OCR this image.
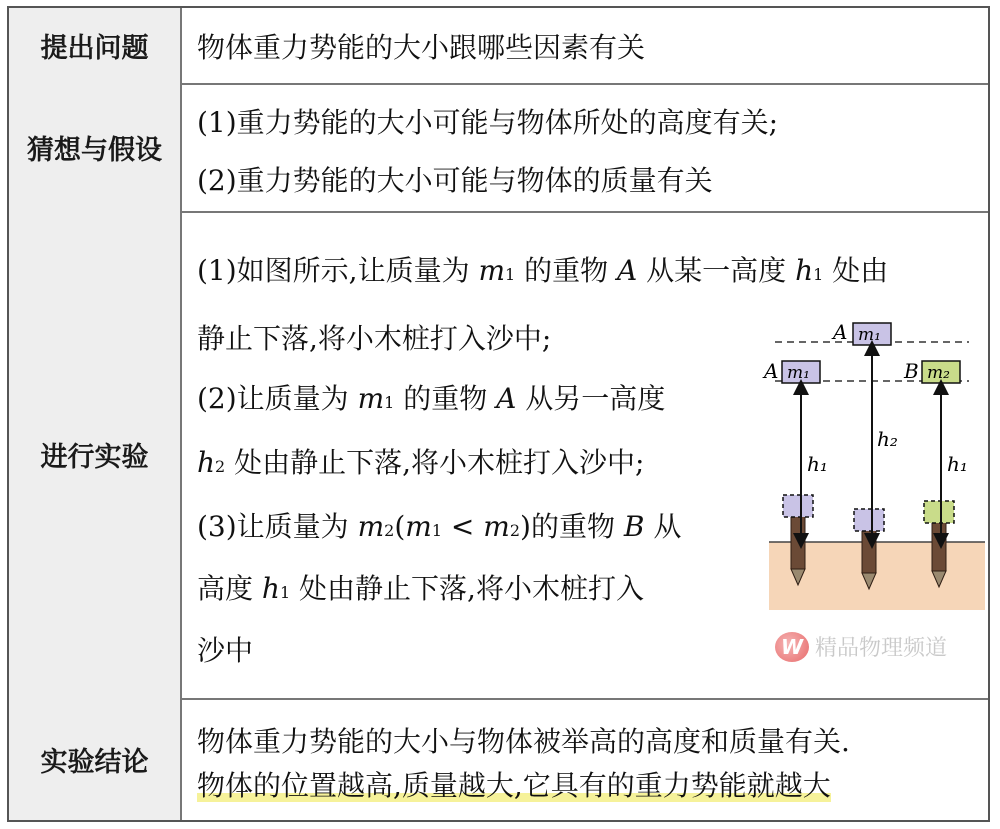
提出问题	物体重力势能的大小跟哪些因素有关
猜想与假设
(1)重力势能的大小可能与物体所处的高度有关;
(2)重力势能的大小可能与物体的质量有关
进行实验
(1)如图所示,让质量为 m1 的重物 A 从某一高度 h1 处由
静止下落,将小木桩打入沙中;
(2)让质量为 m1 的重物 A 从另一高度
h2 处由静止下落,将小木桩打入沙中;
(3)让质量为 m2(m1 < m2)的重物 B 从
高度 h1 处由静止下落,将小木桩打入
沙中
A m₁
A m₁	B m₂
h₁
h₂
h₁
W 精品物理频道
实验结论
物体重力势能的大小与物体被举高的高度和质量有关.
物体的位置越高,质量越大,它具有的重力势能就越大
